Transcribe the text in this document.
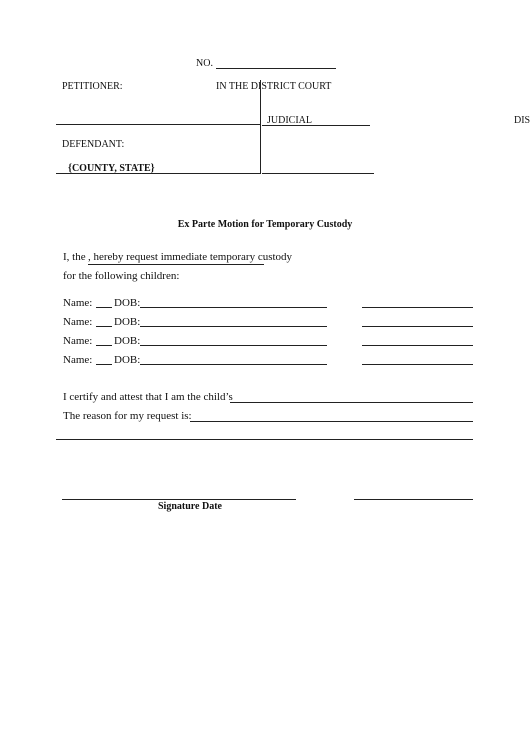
NO.
PETITIONER:	IN THE DISTRICT COURT
JUDICIAL	DIS
DEFENDANT:
{COUNTY, STATE}
Ex Parte Motion for Temporary Custody
I, the , hereby request immediate temporary custody
for the following children:
Name: DOB:
Name: DOB:
Name: DOB:
Name: DOB:
I certify and attest that I am the child’s
The reason for my request is:
Signature Date
